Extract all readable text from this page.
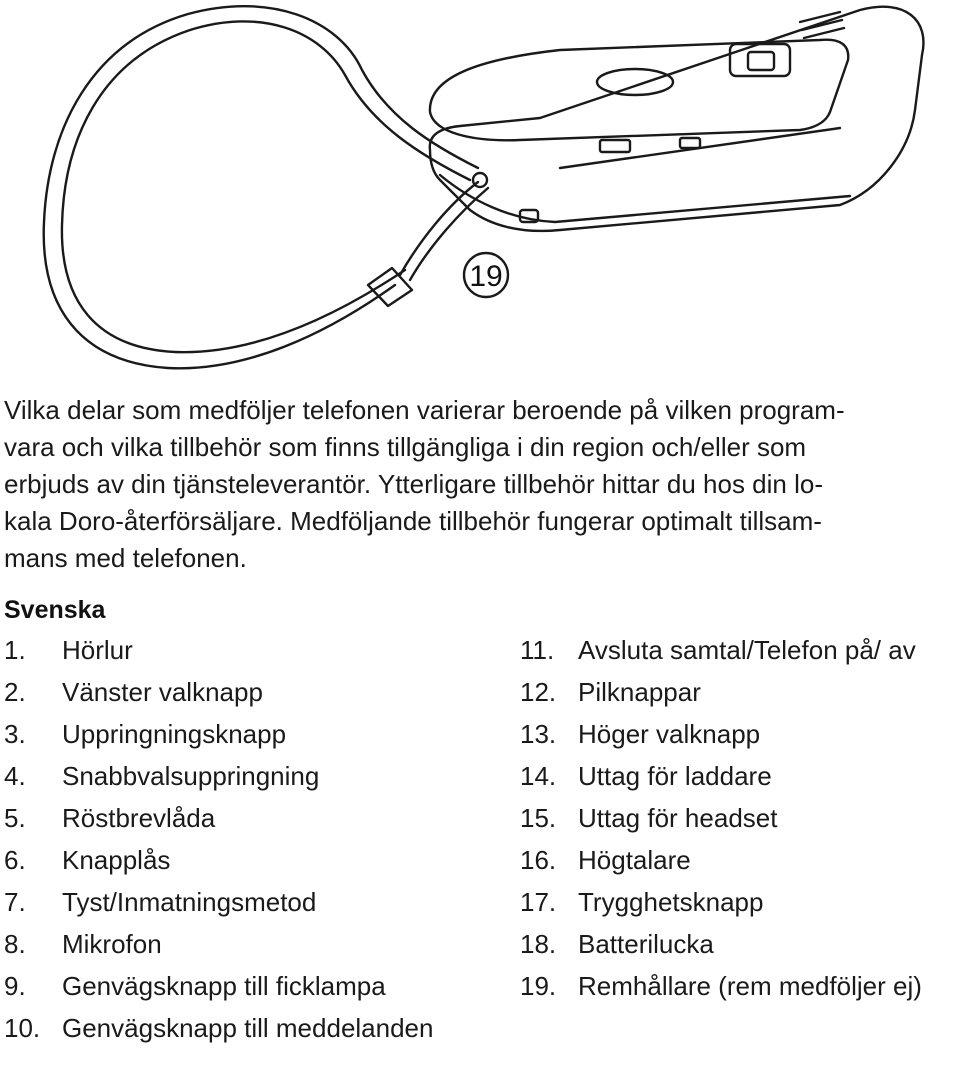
19

Vilka delar som medföljer telefonen varierar beroende på vilken program-
vara och vilka tillbehör som finns tillgängliga i din region och/eller som
erbjuds av din tjänsteleverantör. Ytterligare tillbehör hittar du hos din lo-
kala Doro-återförsäljare. Medföljande tillbehör fungerar optimalt tillsam-
mans med telefonen.

Svenska
1.	Hörlur
2.	Vänster valknapp
3.	Uppringningsknapp
4.	Snabbvalsuppringning
5.	Röstbrevlåda
6.	Knapplås
7.	Tyst/Inmatningsmetod
8.	Mikrofon
9.	Genvägsknapp till ficklampa
10. Genvägsknapp till meddelanden
11. Avsluta samtal/Telefon på/ av
12. Pilknappar
13. Höger valknapp
14. Uttag för laddare
15. Uttag för headset
16. Högtalare
17. Trygghetsknapp
18. Batterilucka
19. Remhållare (rem medföljer ej)
